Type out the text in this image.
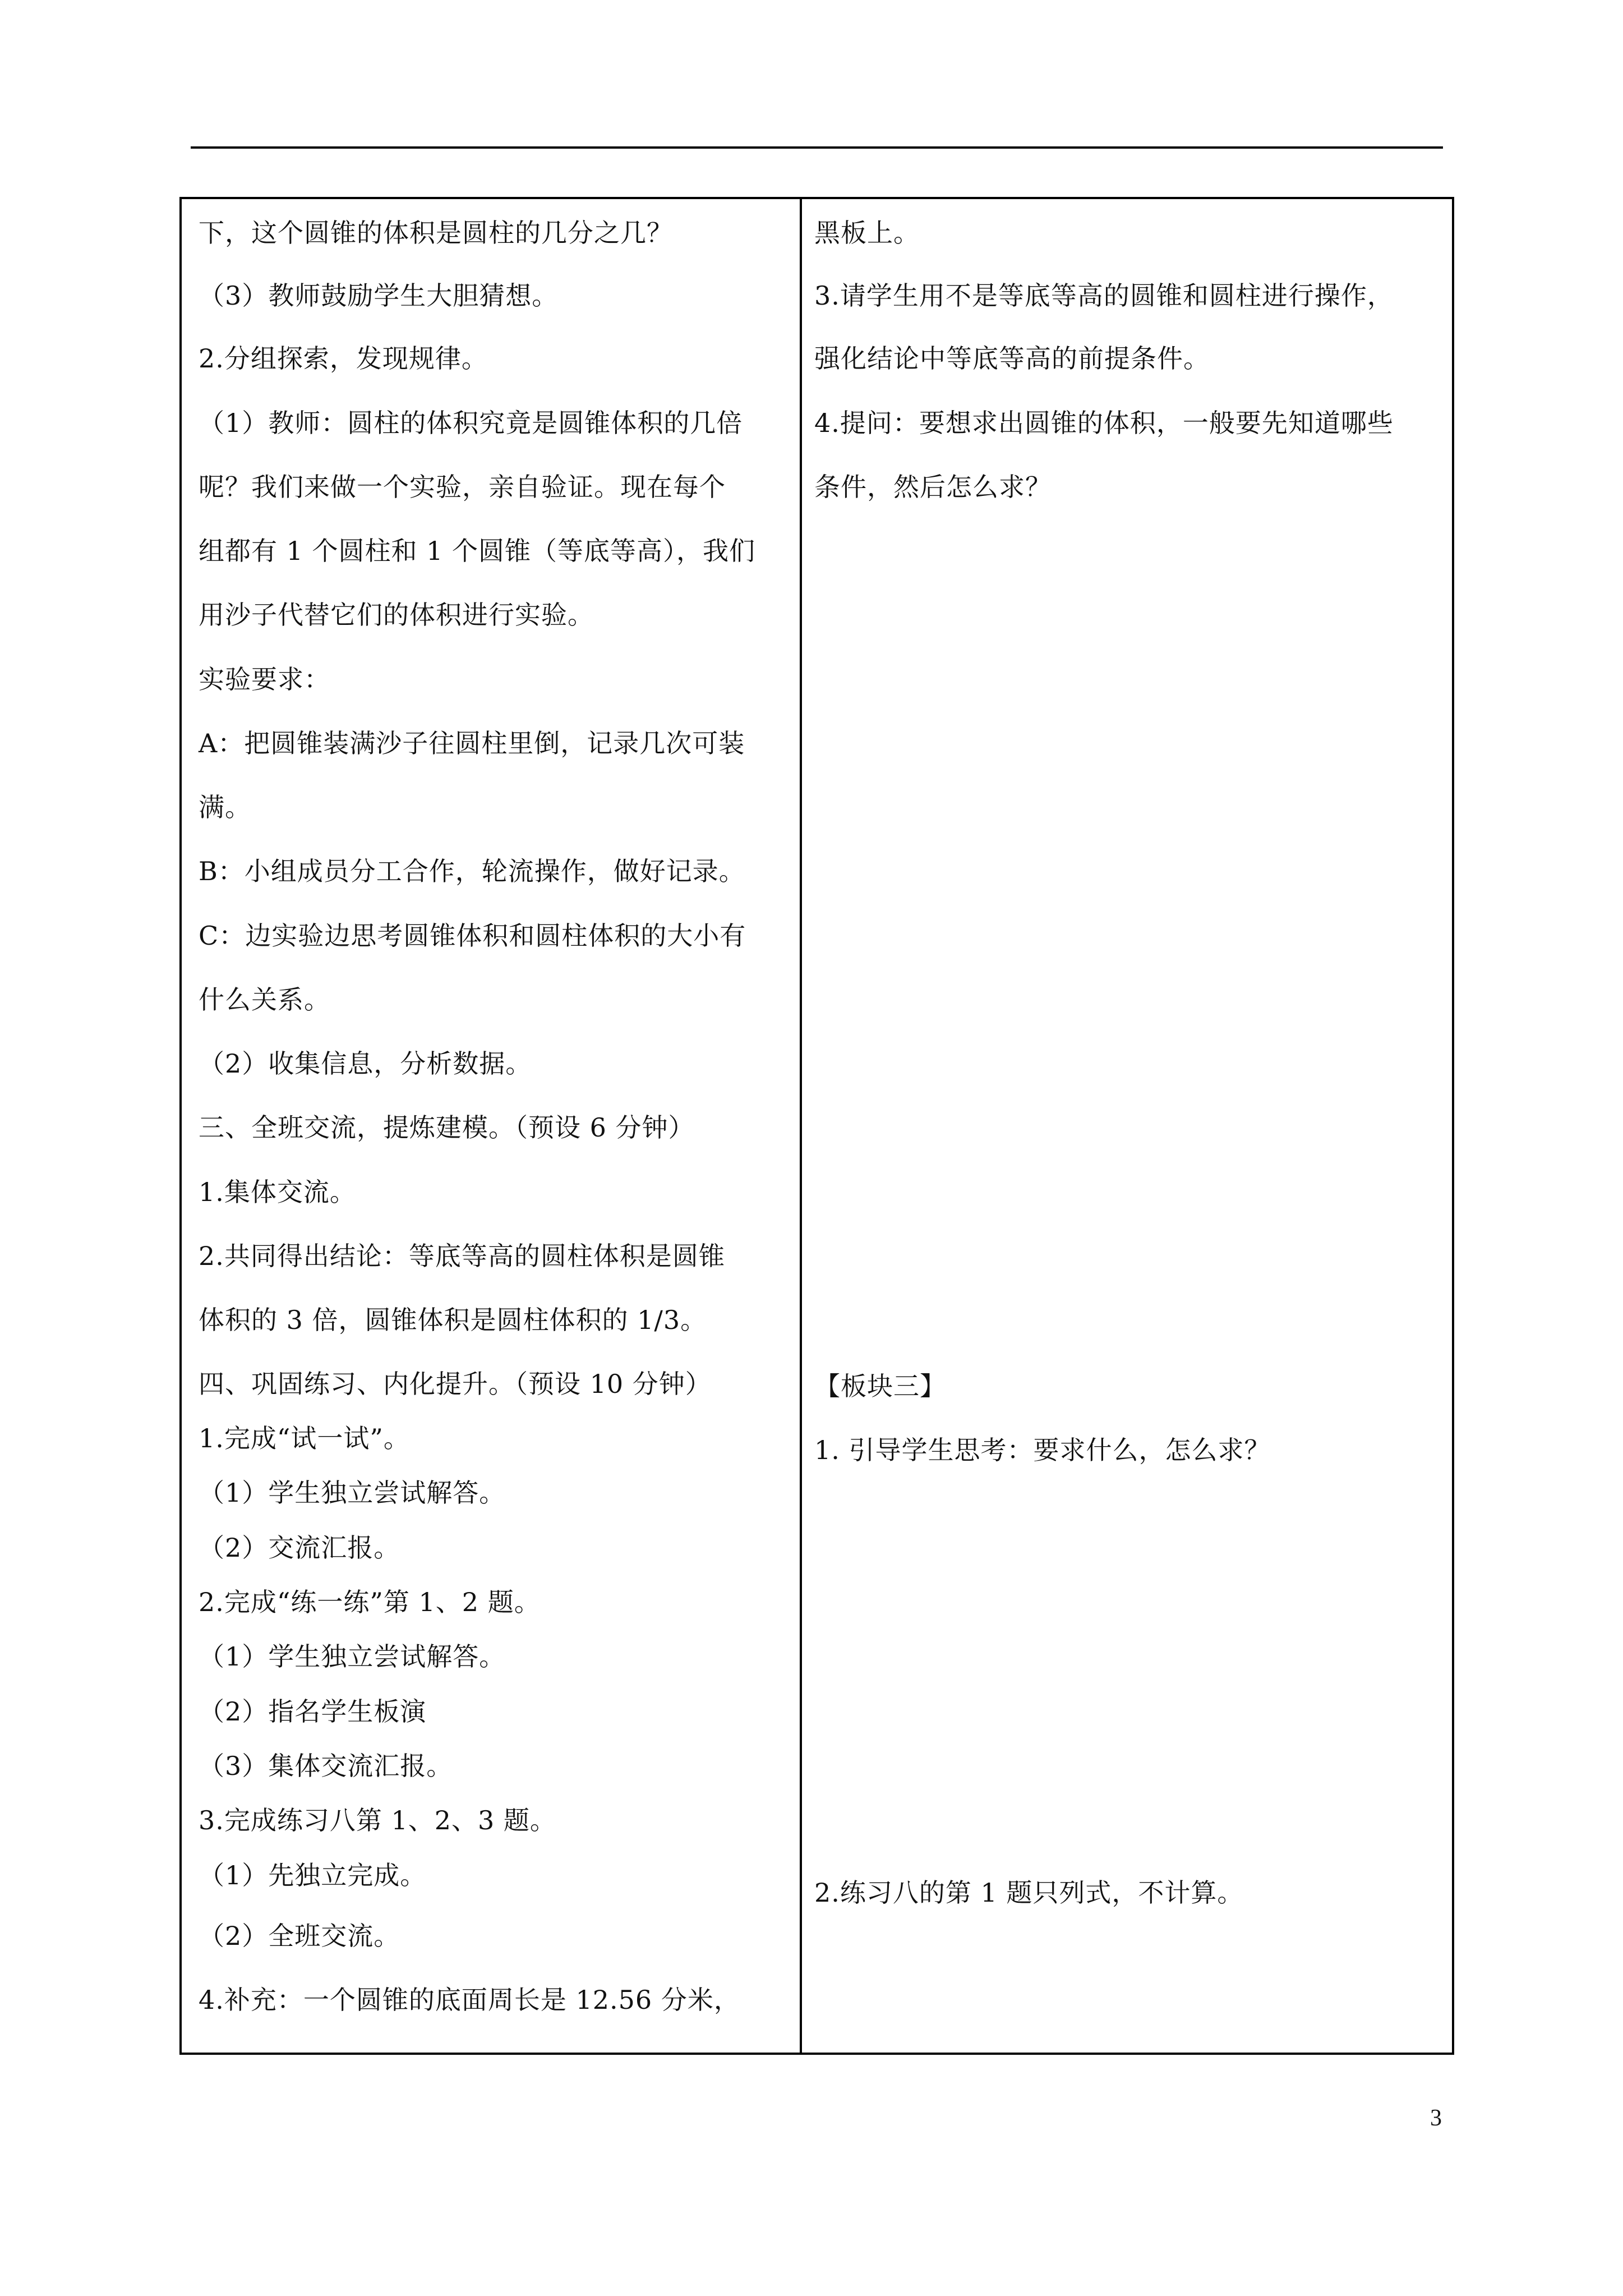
下，这个圆锥的体积是圆柱的几分之几？
（3）教师鼓励学生大胆猜想。
2.分组探索，发现规律。
（1）教师：圆柱的体积究竟是圆锥体积的几倍
呢？我们来做一个实验，亲自验证。现在每个
组都有 1 个圆柱和 1 个圆锥（等底等高），我们
用沙子代替它们的体积进行实验。
实验要求：
A：把圆锥装满沙子往圆柱里倒，记录几次可装
满。
B：小组成员分工合作，轮流操作，做好记录。
C：边实验边思考圆锥体积和圆柱体积的大小有
什么关系。
（2）收集信息，分析数据。
三、全班交流，提炼建模。（预设 6 分钟）
1.集体交流。
2.共同得出结论：等底等高的圆柱体积是圆锥
体积的 3 倍，圆锥体积是圆柱体积的 1/3。
四、巩固练习、内化提升。（预设 10 分钟）
1.完成“试一试”。
（1）学生独立尝试解答。
（2）交流汇报。
2.完成“练一练”第 1、2 题。
（1）学生独立尝试解答。
（2）指名学生板演
（3）集体交流汇报。
3.完成练习八第 1、2、3 题。
（1）先独立完成。
（2）全班交流。
4.补充：一个圆锥的底面周长是 12.56 分米，
黑板上。
3.请学生用不是等底等高的圆锥和圆柱进行操作，
强化结论中等底等高的前提条件。
4.提问：要想求出圆锥的体积，一般要先知道哪些
条件，然后怎么求？
【板块三】
1. 引导学生思考：要求什么，怎么求？
2.练习八的第 1 题只列式，不计算。
3
